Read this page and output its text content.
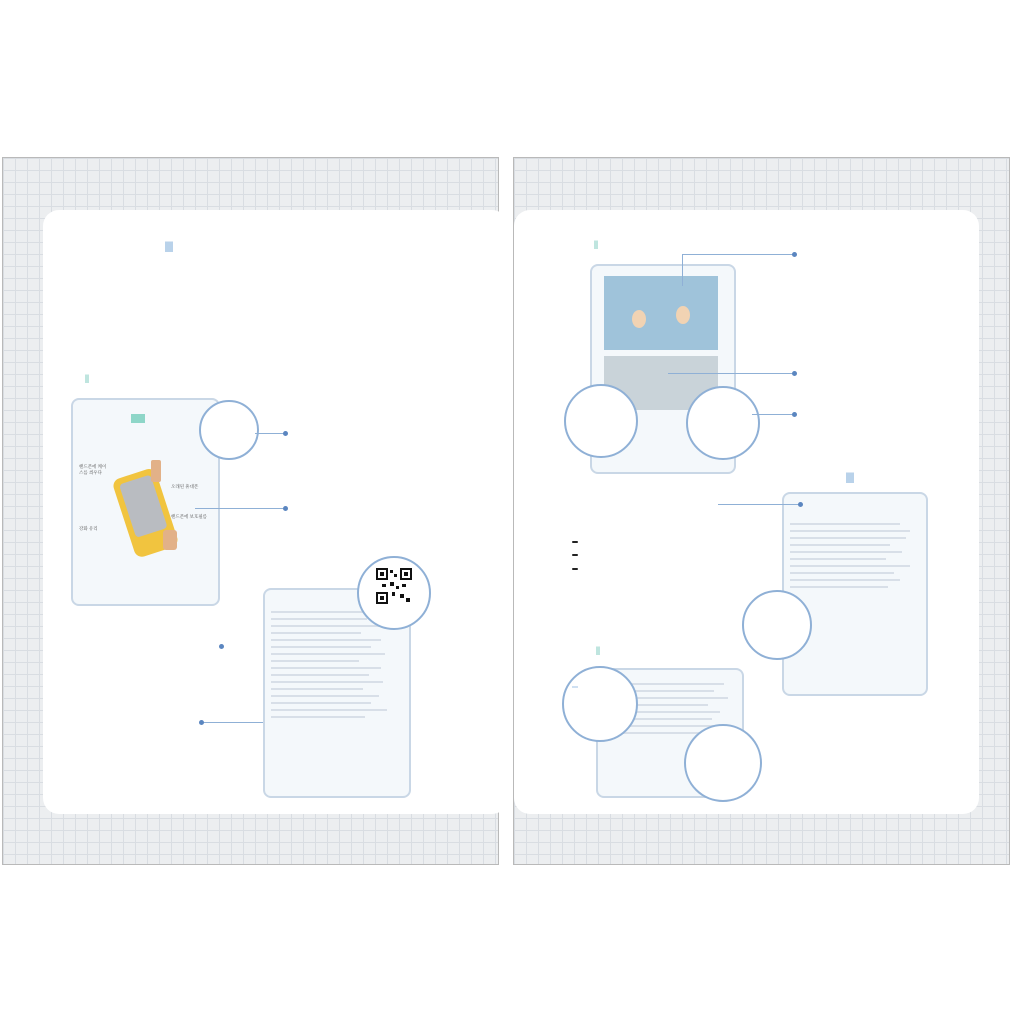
핸드폰에 케이스를 씌우다
오래된 휴대폰
핸드폰에 보호필름
강화 유리
